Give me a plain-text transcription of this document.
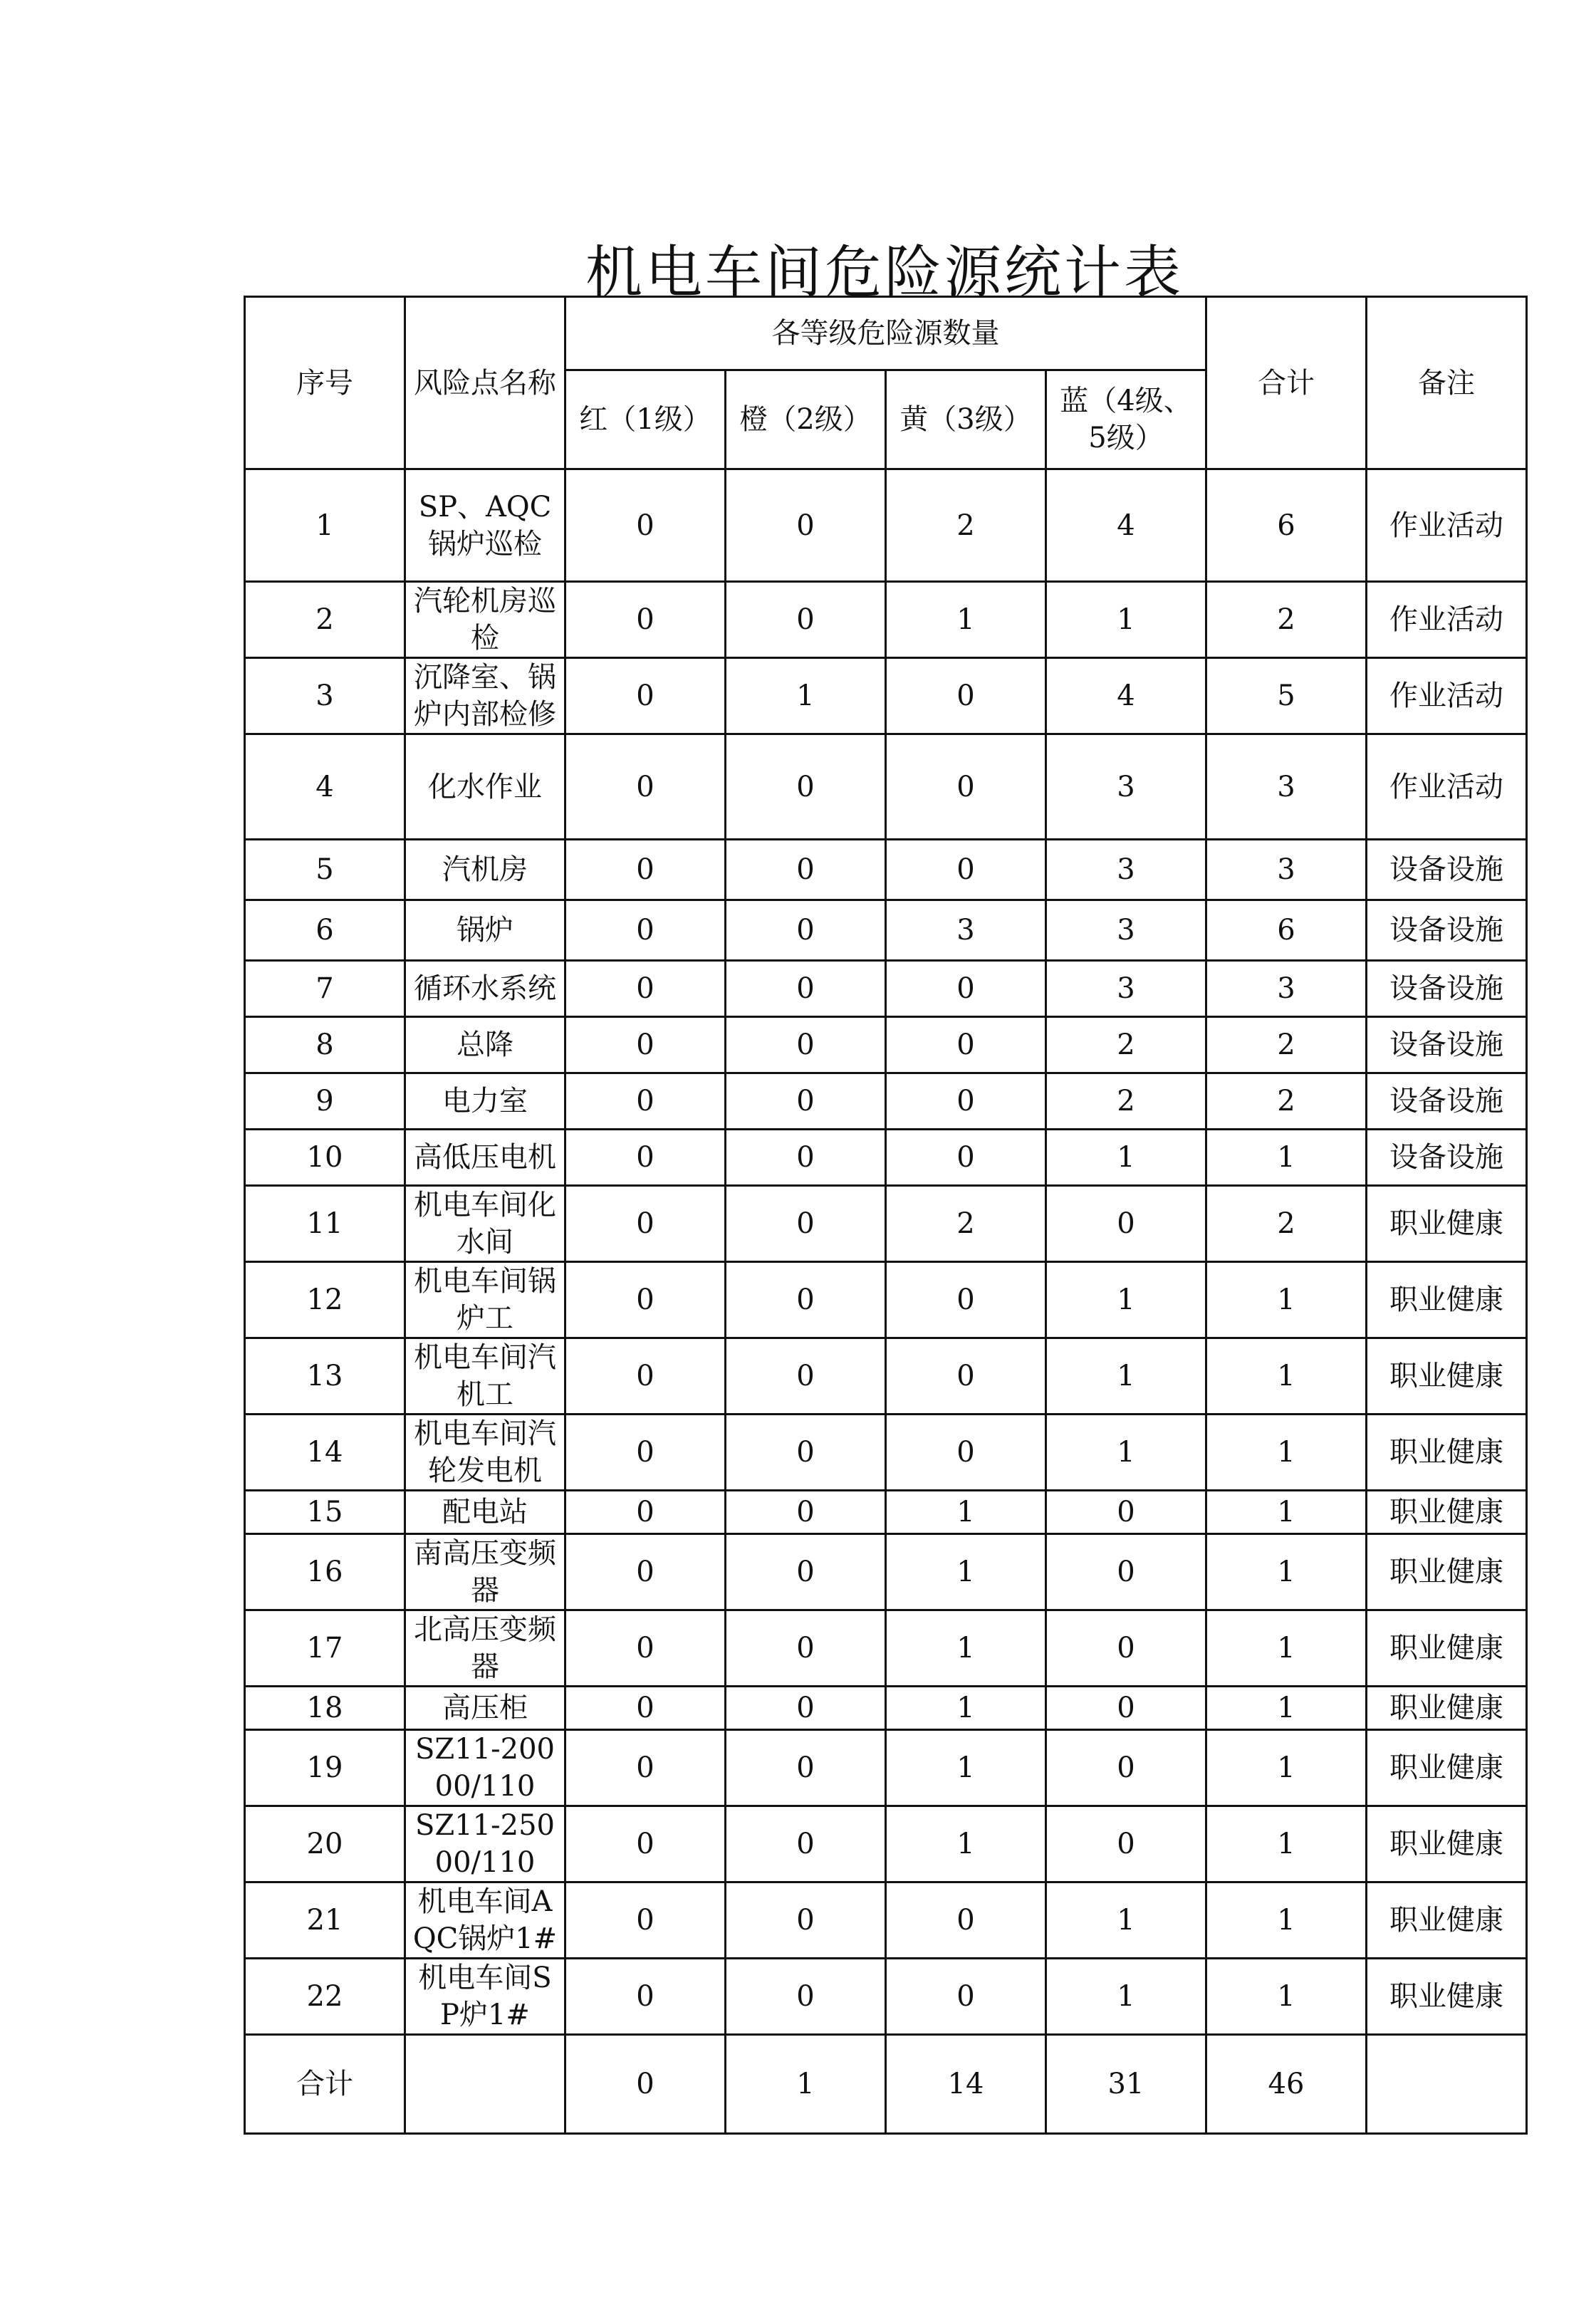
机电车间危险源统计表
序号	风险点名称	各等级危险源数量				合计	备注
		红（1级）	橙（2级）	黄（3级）	蓝（4级、5级）		
1	SP、AQC锅炉巡检	0	0	2	4	6	作业活动
2	汽轮机房巡检	0	0	1	1	2	作业活动
3	沉降室、锅炉内部检修	0	1	0	4	5	作业活动
4	化水作业	0	0	0	3	3	作业活动
5	汽机房	0	0	0	3	3	设备设施
6	锅炉	0	0	3	3	6	设备设施
7	循环水系统	0	0	0	3	3	设备设施
8	总降	0	0	0	2	2	设备设施
9	电力室	0	0	0	2	2	设备设施
10	高低压电机	0	0	0	1	1	设备设施
11	机电车间化水间	0	0	2	0	2	职业健康
12	机电车间锅炉工	0	0	0	1	1	职业健康
13	机电车间汽机工	0	0	0	1	1	职业健康
14	机电车间汽轮发电机	0	0	0	1	1	职业健康
15	配电站	0	0	1	0	1	职业健康
16	南高压变频器	0	0	1	0	1	职业健康
17	北高压变频器	0	0	1	0	1	职业健康
18	高压柜	0	0	1	0	1	职业健康
19	SZ11-20000/110	0	0	1	0	1	职业健康
20	SZ11-25000/110	0	0	1	0	1	职业健康
21	机电车间AQC锅炉1#	0	0	0	1	1	职业健康
22	机电车间SP炉1#	0	0	0	1	1	职业健康
合计		0	1	14	31	46	
